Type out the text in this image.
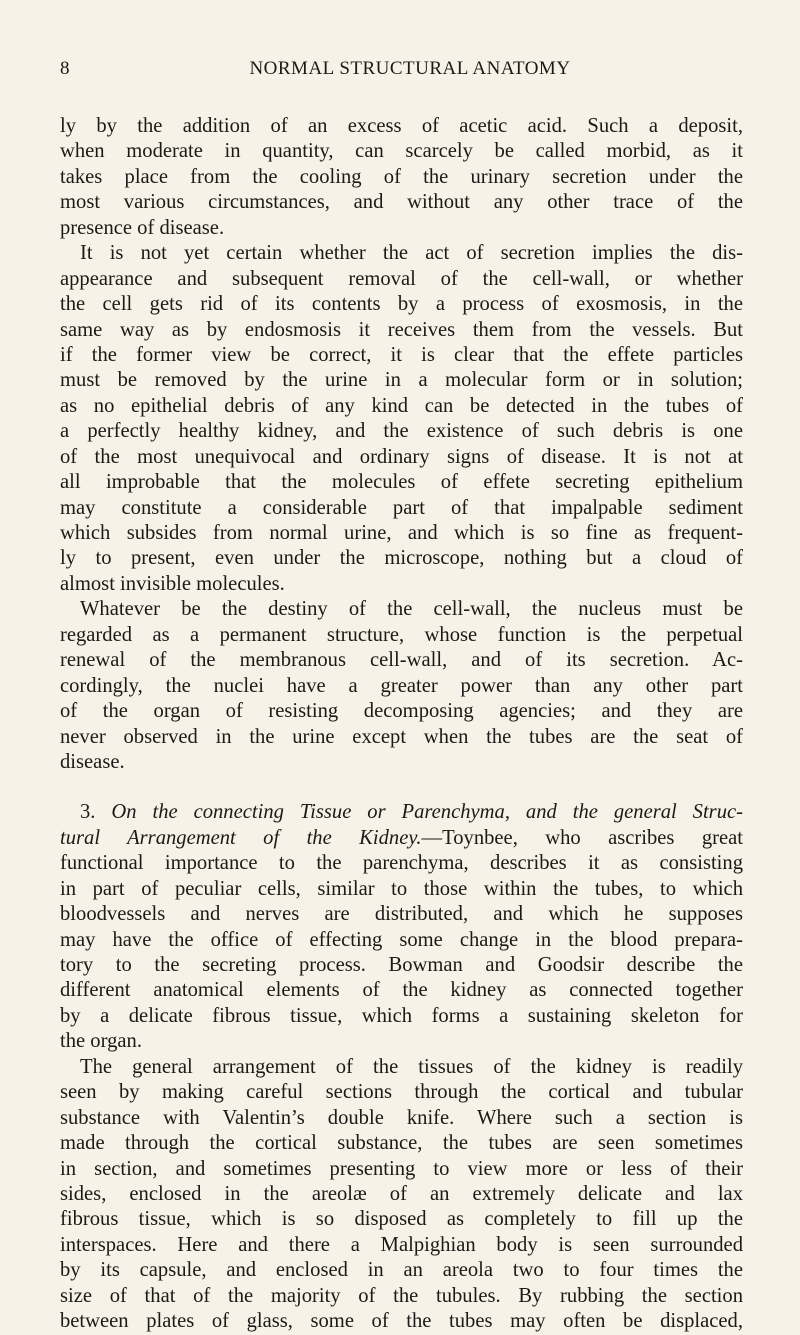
8	NORMAL STRUCTURAL ANATOMY
ly by the addition of an excess of acetic acid. Such a deposit,
when moderate in quantity, can scarcely be called morbid, as it
takes place from the cooling of the urinary secretion under the
most various circumstances, and without any other trace of the
presence of disease.
It is not yet certain whether the act of secretion implies the dis-
appearance and subsequent removal of the cell-wall, or whether
the cell gets rid of its contents by a process of exosmosis, in the
same way as by endosmosis it receives them from the vessels. But
if the former view be correct, it is clear that the effete particles
must be removed by the urine in a molecular form or in solution;
as no epithelial debris of any kind can be detected in the tubes of
a perfectly healthy kidney, and the existence of such debris is one
of the most unequivocal and ordinary signs of disease. It is not at
all improbable that the molecules of effete secreting epithelium
may constitute a considerable part of that impalpable sediment
which subsides from normal urine, and which is so fine as frequent-
ly to present, even under the microscope, nothing but a cloud of
almost invisible molecules.
Whatever be the destiny of the cell-wall, the nucleus must be
regarded as a permanent structure, whose function is the perpetual
renewal of the membranous cell-wall, and of its secretion. Ac-
cordingly, the nuclei have a greater power than any other part
of the organ of resisting decomposing agencies; and they are
never observed in the urine except when the tubes are the seat of
disease.
3. On the connecting Tissue or Parenchyma, and the general Struc-
tural Arrangement of the Kidney.—Toynbee, who ascribes great
functional importance to the parenchyma, describes it as consisting
in part of peculiar cells, similar to those within the tubes, to which
bloodvessels and nerves are distributed, and which he supposes
may have the office of effecting some change in the blood prepara-
tory to the secreting process. Bowman and Goodsir describe the
different anatomical elements of the kidney as connected together
by a delicate fibrous tissue, which forms a sustaining skeleton for
the organ.
The general arrangement of the tissues of the kidney is readily
seen by making careful sections through the cortical and tubular
substance with Valentin’s double knife. Where such a section is
made through the cortical substance, the tubes are seen sometimes
in section, and sometimes presenting to view more or less of their
sides, enclosed in the areolæ of an extremely delicate and lax
fibrous tissue, which is so disposed as completely to fill up the
interspaces. Here and there a Malpighian body is seen surrounded
by its capsule, and enclosed in an areola two to four times the
size of that of the majority of the tubules. By rubbing the section
between plates of glass, some of the tubes may often be displaced,
